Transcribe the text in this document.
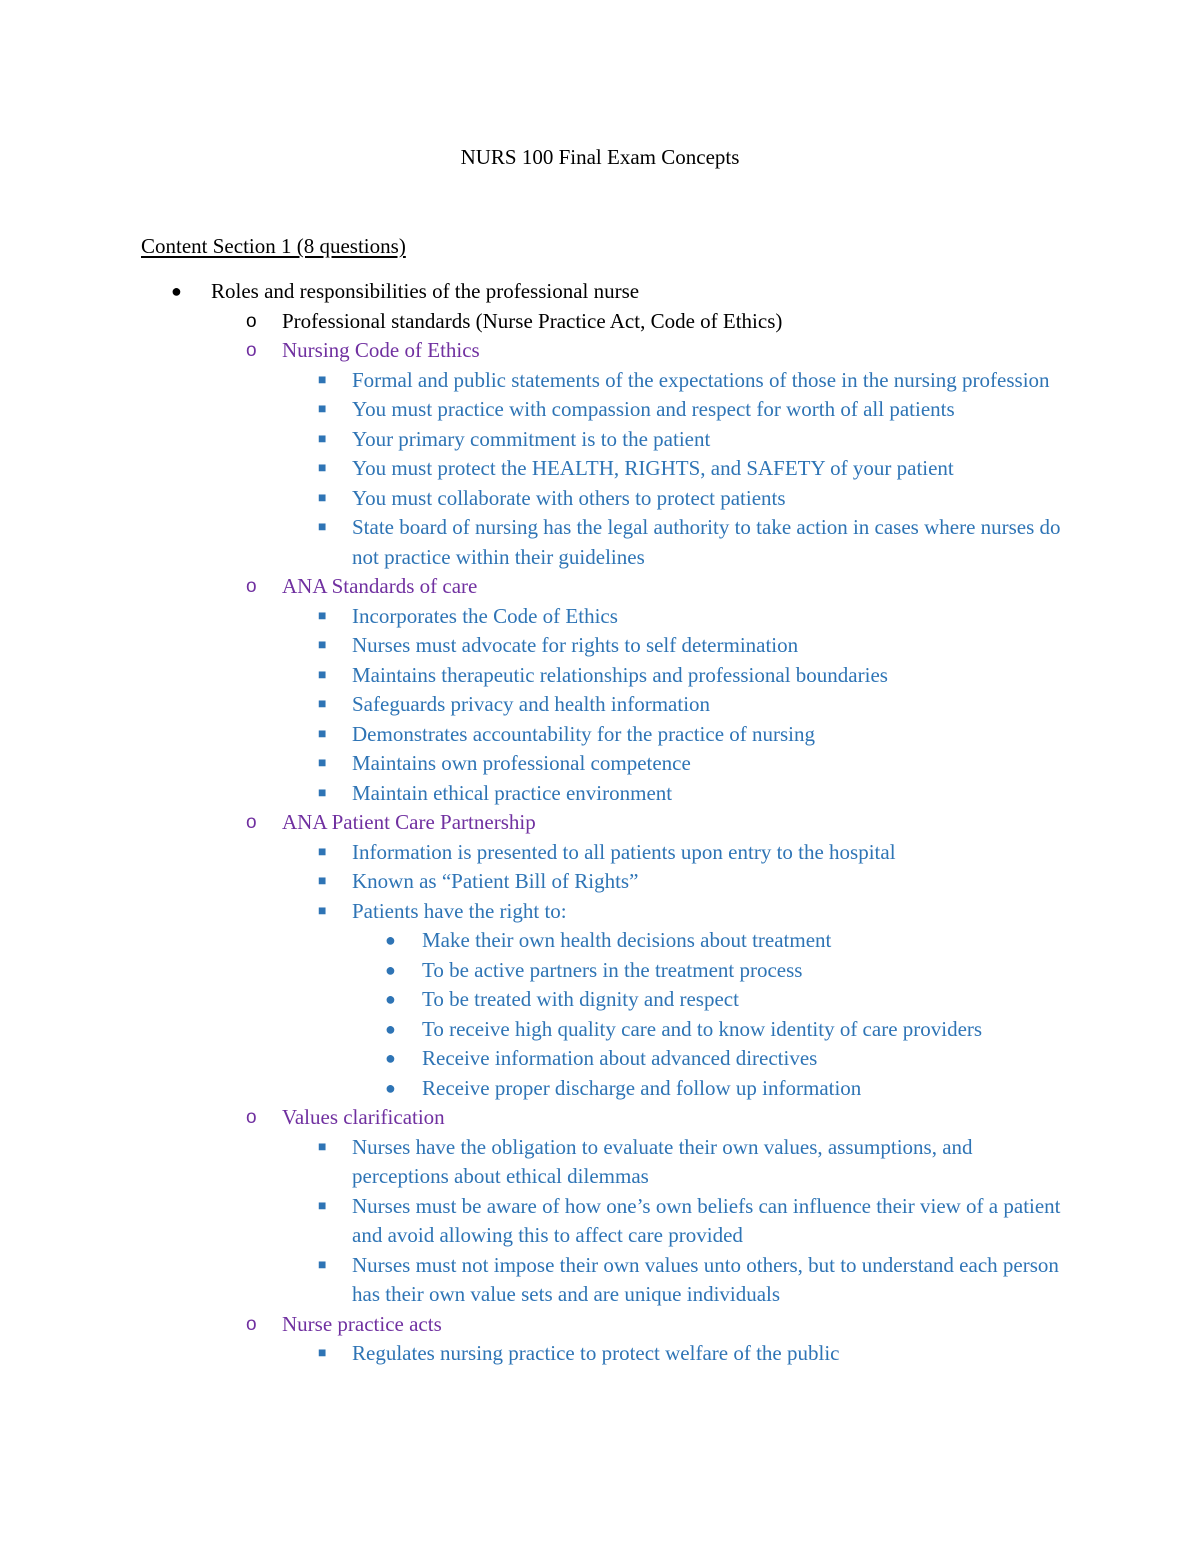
NURS 100 Final Exam Concepts
Content Section 1 (8 questions)
● Roles and responsibilities of the professional nurse
o Professional standards (Nurse Practice Act, Code of Ethics)
o Nursing Code of Ethics
■ Formal and public statements of the expectations of those in the nursing profession
■ You must practice with compassion and respect for worth of all patients
■ Your primary commitment is to the patient
■ You must protect the HEALTH, RIGHTS, and SAFETY of your patient
■ You must collaborate with others to protect patients
■ State board of nursing has the legal authority to take action in cases where nurses do not practice within their guidelines
o ANA Standards of care
■ Incorporates the Code of Ethics
■ Nurses must advocate for rights to self determination
■ Maintains therapeutic relationships and professional boundaries
■ Safeguards privacy and health information
■ Demonstrates accountability for the practice of nursing
■ Maintains own professional competence
■ Maintain ethical practice environment
o ANA Patient Care Partnership
■ Information is presented to all patients upon entry to the hospital
■ Known as “Patient Bill of Rights”
■ Patients have the right to:
● Make their own health decisions about treatment
● To be active partners in the treatment process
● To be treated with dignity and respect
● To receive high quality care and to know identity of care providers
● Receive information about advanced directives
● Receive proper discharge and follow up information
o Values clarification
■ Nurses have the obligation to evaluate their own values, assumptions, and perceptions about ethical dilemmas
■ Nurses must be aware of how one’s own beliefs can influence their view of a patient and avoid allowing this to affect care provided
■ Nurses must not impose their own values unto others, but to understand each person has their own value sets and are unique individuals
o Nurse practice acts
■ Regulates nursing practice to protect welfare of the public
